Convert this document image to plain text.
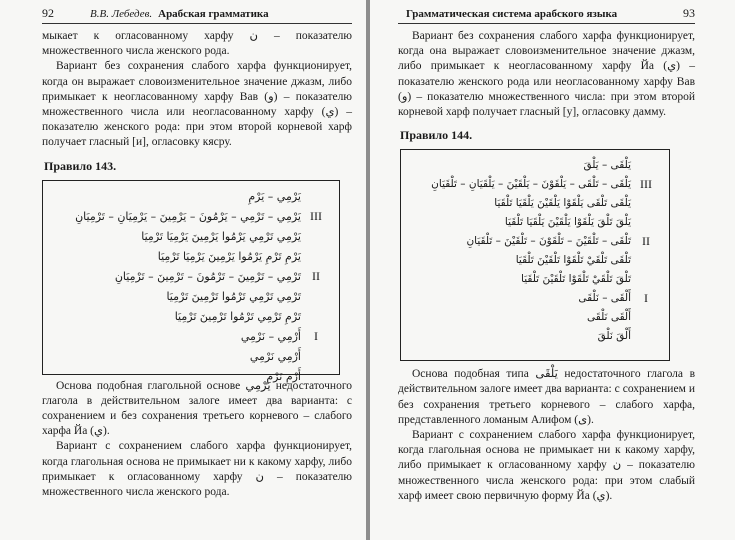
92	В.В. Лебедев. Арабская грамматика

мыкает к огласованному харфу ن – показателю множественного числа женского рода.

Вариант без сохранения слабого харфа функционирует, когда он выражает словоизменительное значение джазм, либо примыкает к неогласованному харфу Вав (و) – показателю множественного числа или неогласованному харфу (ي) – показателю женского рода: при этом второй корневой харф получает гласный [и], огласовку кясру.

Правило 143.
يَرْمِي – يَرْمِ
يَرْمِي – تَرْمِي – يَرْمُونَ – يَرْمِينَ – يَرْمِيَانِ – تَرْمِيَانِ
يَرْمِي تَرْمِي يَرْمُوا يَرْمِينَ يَرْمِيَا تَرْمِيَا
يَرْمِ تَرْمِ يَرْمُوا يَرْمِينَ يَرْمِيَا تَرْمِيَا
III
تَرْمِي – تَرْمِينَ – تَرْمُونَ – تَرْمِينَ – تَرْمِيَانِ
تَرْمِي تَرْمِي تَرْمُوا تَرْمِينَ تَرْمِيَا
تَرْمِ تَرْمِي تَرْمُوا تَرْمِينَ تَرْمِيَا
II
أَرْمِي – نَرْمِي
أَرْمِي نَرْمِي
أَرْمِ نَرْمِ
I

Основа подобная глагольной основе يَرْمِي недостаточного глагола в действительном залоге имеет два варианта: с сохранением и без сохранения третьего корневого – слабого харфа Йа (ي).

Вариант с сохранением слабого харфа функционирует, когда глагольная основа не примыкает ни к какому харфу, либо примыкает к огласованному харфу ن – показателю множественного числа женского рода.

Грамматическая система арабского языка	93

Вариант без сохранения слабого харфа функционирует, когда она выражает словоизменительное значение джазм, либо примыкает к неогласованному харфу Йа (ي) – показателю женского рода или неогласованному харфу Вав (و) – показателю множественного числа: при этом второй корневой харф получает гласный [у], огласовку дамму.

Правило 144.
يَلْقَى – يَلْقَ
يَلْقَى – تَلْقَى – يَلْقَوْنَ – يَلْقَيْنَ – يَلْقَيَانِ – تَلْقَيَانِ
يَلْقَى تَلْقَى يَلْقَوْا يَلْقَيْنَ يَلْقَيَا تَلْقَيَا
يَلْقَ تَلْقَ يَلْقَوْا يَلْقَيْنَ يَلْقَيَا تَلْقَيَا
III
تَلْقَى – تَلْقَيْنَ – تَلْقَوْنَ – تَلْقَيْنَ – تَلْقَيَانِ
تَلْقَى تَلْقَيْ تَلْقَوْا تَلْقَيْنَ تَلْقَيَا
تَلْقَ تَلْقَيْ تَلْقَوْا تَلْقَيْنَ تَلْقَيَا
II
أَلْقَى – نَلْقَى
أَلْقَى نَلْقَى
أَلْقَ نَلْقَ
I

Основа подобная типа يَلْقَى недостаточного глагола в действительном залоге имеет два варианта: с сохранением и без сохранения третьего корневого – слабого харфа, представленного ломаным Алифом (ى).

Вариант с сохранением слабого харфа функционирует, когда глагольная основа не примыкает ни к какому харфу, либо примыкает к огласованному харфу ن – показателю множественного числа женского рода: при этом слабый харф имеет свою первичную форму Йа (ي).
